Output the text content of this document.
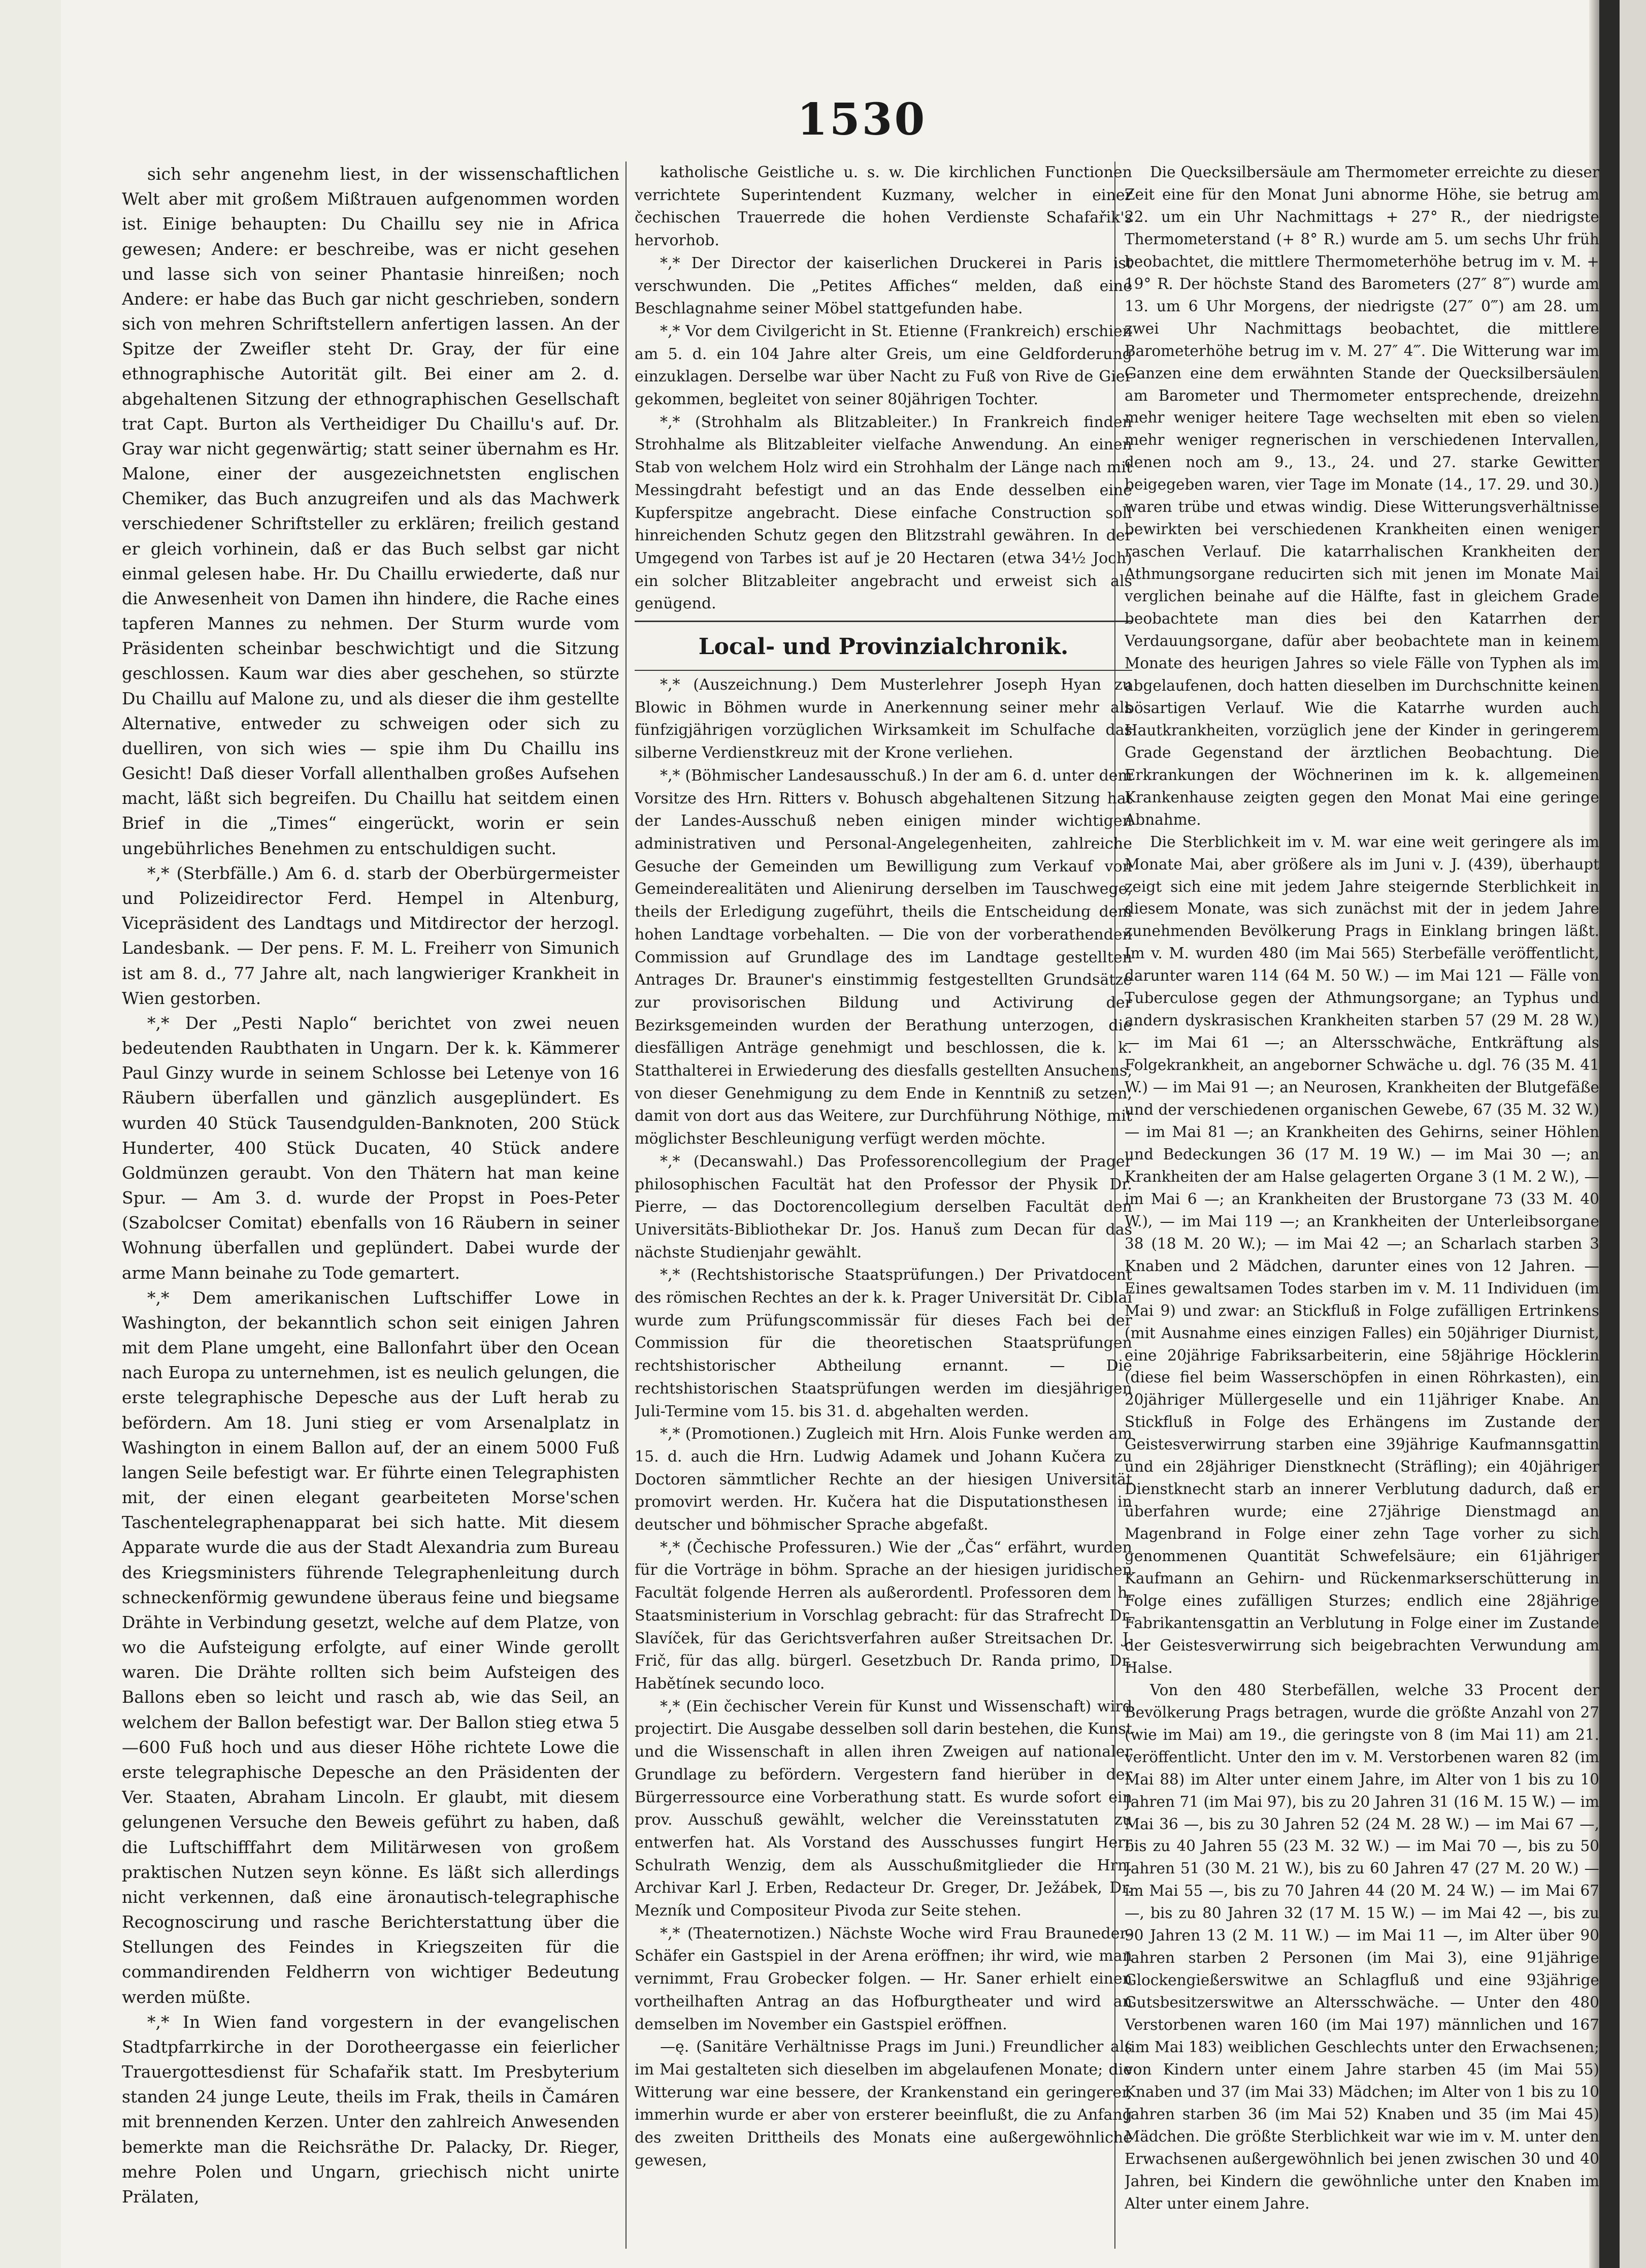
1530

sich sehr angenehm liest, in der wissenschaftlichen Welt aber mit großem Mißtrauen aufgenommen worden ist. Einige behaupten: Du Chaillu sey nie in Africa gewesen; Andere: er beschreibe, was er nicht gesehen und lasse sich von seiner Phantasie hinreißen; noch Andere: er habe das Buch gar nicht geschrieben, sondern sich von mehren Schriftstellern anfertigen lassen. An der Spitze der Zweifler steht Dr. Gray, der für eine ethnographische Autorität gilt. Bei einer am 2. d. abgehaltenen Sitzung der ethnographischen Gesellschaft trat Capt. Burton als Vertheidiger Du Chaillu's auf. Dr. Gray war nicht gegenwärtig; statt seiner übernahm es Hr. Malone, einer der ausgezeichnetsten englischen Chemiker, das Buch anzugreifen und als das Machwerk verschiedener Schriftsteller zu erklären; freilich gestand er gleich vorhinein, daß er das Buch selbst gar nicht einmal gelesen habe. Hr. Du Chaillu erwiederte, daß nur die Anwesenheit von Damen ihn hindere, die Rache eines tapferen Mannes zu nehmen. Der Sturm wurde vom Präsidenten scheinbar beschwichtigt und die Sitzung geschlossen. Kaum war dies aber geschehen, so stürzte Du Chaillu auf Malone zu, und als dieser die ihm gestellte Alternative, entweder zu schweigen oder sich zu duelliren, von sich wies — spie ihm Du Chaillu ins Gesicht! Daß dieser Vorfall allenthalben großes Aufsehen macht, läßt sich begreifen. Du Chaillu hat seitdem einen Brief in die „Times“ eingerückt, worin er sein ungebührliches Benehmen zu entschuldigen sucht.

*,* (Sterbfälle.) Am 6. d. starb der Oberbürgermeister und Polizeidirector Ferd. Hempel in Altenburg, Vicepräsident des Landtags und Mitdirector der herzogl. Landesbank. — Der pens. F. M. L. Freiherr von Simunich ist am 8. d., 77 Jahre alt, nach langwieriger Krankheit in Wien gestorben.

*,* Der „Pesti Naplo“ berichtet von zwei neuen bedeutenden Raubthaten in Ungarn. Der k. k. Kämmerer Paul Ginzy wurde in seinem Schlosse bei Letenye von 16 Räubern überfallen und gänzlich ausgeplündert. Es wurden 40 Stück Tausendgulden-Banknoten, 200 Stück Hunderter, 400 Stück Ducaten, 40 Stück andere Goldmünzen geraubt. Von den Thätern hat man keine Spur. — Am 3. d. wurde der Propst in Poes-Peter (Szabolcser Comitat) ebenfalls von 16 Räubern in seiner Wohnung überfallen und geplündert. Dabei wurde der arme Mann beinahe zu Tode gemartert.

*,* Dem amerikanischen Luftschiffer Lowe in Washington, der bekanntlich schon seit einigen Jahren mit dem Plane umgeht, eine Ballonfahrt über den Ocean nach Europa zu unternehmen, ist es neulich gelungen, die erste telegraphische Depesche aus der Luft herab zu befördern. Am 18. Juni stieg er vom Arsenalplatz in Washington in einem Ballon auf, der an einem 5000 Fuß langen Seile befestigt war. Er führte einen Telegraphisten mit, der einen elegant gearbeiteten Morse'schen Taschentelegraphenapparat bei sich hatte. Mit diesem Apparate wurde die aus der Stadt Alexandria zum Bureau des Kriegsministers führende Telegraphenleitung durch schneckenförmig gewundene überaus feine und biegsame Drähte in Verbindung gesetzt, welche auf dem Platze, von wo die Aufsteigung erfolgte, auf einer Winde gerollt waren. Die Drähte rollten sich beim Aufsteigen des Ballons eben so leicht und rasch ab, wie das Seil, an welchem der Ballon befestigt war. Der Ballon stieg etwa 5—600 Fuß hoch und aus dieser Höhe richtete Lowe die erste telegraphische Depesche an den Präsidenten der Ver. Staaten, Abraham Lincoln. Er glaubt, mit diesem gelungenen Versuche den Beweis geführt zu haben, daß die Luftschifffahrt dem Militärwesen von großem praktischen Nutzen seyn könne. Es läßt sich allerdings nicht verkennen, daß eine äronautisch-telegraphische Recognoscirung und rasche Berichterstattung über die Stellungen des Feindes in Kriegszeiten für die commandirenden Feldherrn von wichtiger Bedeutung werden müßte.

*,* In Wien fand vorgestern in der evangelischen Stadtpfarrkirche in der Dorotheergasse ein feierlicher Trauergottesdienst für Schafařik statt. Im Presbyterium standen 24 junge Leute, theils im Frak, theils in Čamáren mit brennenden Kerzen. Unter den zahlreich Anwesenden bemerkte man die Reichsräthe Dr. Palacky, Dr. Rieger, mehre Polen und Ungarn, griechisch nicht unirte Prälaten,

katholische Geistliche u. s. w. Die kirchlichen Functionen verrichtete Superintendent Kuzmany, welcher in einer čechischen Trauerrede die hohen Verdienste Schafařik's hervorhob.

*,* Der Director der kaiserlichen Druckerei in Paris ist verschwunden. Die „Petites Affiches“ melden, daß eine Beschlagnahme seiner Möbel stattgefunden habe.

*,* Vor dem Civilgericht in St. Etienne (Frankreich) erschien am 5. d. ein 104 Jahre alter Greis, um eine Geldforderung einzuklagen. Derselbe war über Nacht zu Fuß von Rive de Gier gekommen, begleitet von seiner 80jährigen Tochter.

*,* (Strohhalm als Blitzableiter.) In Frankreich finden Strohhalme als Blitzableiter vielfache Anwendung. An einen Stab von welchem Holz wird ein Strohhalm der Länge nach mit Messingdraht befestigt und an das Ende desselben eine Kupferspitze angebracht. Diese einfache Construction soll hinreichenden Schutz gegen den Blitzstrahl gewähren. In der Umgegend von Tarbes ist auf je 20 Hectaren (etwa 34½ Joch) ein solcher Blitzableiter angebracht und erweist sich als genügend.

Local- und Provinzialchronik.

*,* (Auszeichnung.) Dem Musterlehrer Joseph Hyan zu Blowic in Böhmen wurde in Anerkennung seiner mehr als fünfzigjährigen vorzüglichen Wirksamkeit im Schulfache das silberne Verdienstkreuz mit der Krone verliehen.

*,* (Böhmischer Landesausschuß.) In der am 6. d. unter dem Vorsitze des Hrn. Ritters v. Bohusch abgehaltenen Sitzung hat der Landes-Ausschuß neben einigen minder wichtigen administrativen und Personal-Angelegenheiten, zahlreiche Gesuche der Gemeinden um Bewilligung zum Verkauf von Gemeinderealitäten und Alienirung derselben im Tauschwege, theils der Erledigung zugeführt, theils die Entscheidung dem hohen Landtage vorbehalten. — Die von der vorberathenden Commission auf Grundlage des im Landtage gestellten Antrages Dr. Brauner's einstimmig festgestellten Grundsätze zur provisorischen Bildung und Activirung der Bezirksgemeinden wurden der Berathung unterzogen, die diesfälligen Anträge genehmigt und beschlossen, die k. k. Statthalterei in Erwiederung des diesfalls gestellten Ansuchens, von dieser Genehmigung zu dem Ende in Kenntniß zu setzen, damit von dort aus das Weitere, zur Durchführung Nöthige, mit möglichster Beschleunigung verfügt werden möchte.

*,* (Decanswahl.) Das Professorencollegium der Prager philosophischen Facultät hat den Professor der Physik Dr. Pierre, — das Doctorencollegium derselben Facultät den Universitäts-Bibliothekar Dr. Jos. Hanuš zum Decan für das nächste Studienjahr gewählt.

*,* (Rechtshistorische Staatsprüfungen.) Der Privatdocent des römischen Rechtes an der k. k. Prager Universität Dr. Ciblaí wurde zum Prüfungscommissär für dieses Fach bei der Commission für die theoretischen Staatsprüfungen rechtshistorischer Abtheilung ernannt. — Die rechtshistorischen Staatsprüfungen werden im diesjährigen Juli-Termine vom 15. bis 31. d. abgehalten werden.

*,* (Promotionen.) Zugleich mit Hrn. Alois Funke werden am 15. d. auch die Hrn. Ludwig Adamek und Johann Kučera zu Doctoren sämmtlicher Rechte an der hiesigen Universität promovirt werden. Hr. Kučera hat die Disputationsthesen in deutscher und böhmischer Sprache abgefaßt.

*,* (Čechische Professuren.) Wie der „Čas“ erfährt, wurden für die Vorträge in böhm. Sprache an der hiesigen juridischen Facultät folgende Herren als außerordentl. Professoren dem h. Staatsministerium in Vorschlag gebracht: für das Strafrecht Dr. Slavíček, für das Gerichtsverfahren außer Streitsachen Dr. J. Frič, für das allg. bürgerl. Gesetzbuch Dr. Randa primo, Dr. Habětínek secundo loco.

*,* (Ein čechischer Verein für Kunst und Wissenschaft) wird projectirt. Die Ausgabe desselben soll darin bestehen, die Kunst und die Wissenschaft in allen ihren Zweigen auf nationaler Grundlage zu befördern. Vergestern fand hierüber in der Bürgerressource eine Vorberathung statt. Es wurde sofort ein prov. Ausschuß gewählt, welcher die Vereinsstatuten zu entwerfen hat. Als Vorstand des Ausschusses fungirt Herr Schulrath Wenzig, dem als Ausschußmitglieder die Hrn. Archivar Karl J. Erben, Redacteur Dr. Greger, Dr. Ježábek, Dr. Mezník und Compositeur Pivoda zur Seite stehen.

*,* (Theaternotizen.) Nächste Woche wird Frau Brauneder-Schäfer ein Gastspiel in der Arena eröffnen; ihr wird, wie man vernimmt, Frau Grobecker folgen. — Hr. Saner erhielt einen vortheilhaften Antrag an das Hofburgtheater und wird an demselben im November ein Gastspiel eröffnen.

—ę. (Sanitäre Verhältnisse Prags im Juni.) Freundlicher als im Mai gestalteten sich dieselben im abgelaufenen Monate; die Witterung war eine bessere, der Krankenstand ein geringerer, immerhin wurde er aber von ersterer beeinflußt, die zu Anfang des zweiten Drittheils des Monats eine außergewöhnliche gewesen,

Die Quecksilbersäule am Thermometer erreichte zu dieser Zeit eine für den Monat Juni abnorme Höhe, sie betrug am 22. um ein Uhr Nachmittags + 27° R., der niedrigste Thermometerstand (+ 8° R.) wurde am 5. um sechs Uhr früh beobachtet, die mittlere Thermometerhöhe betrug im v. M. + 19° R. Der höchste Stand des Barometers (27″ 8‴) wurde am 13. um 6 Uhr Morgens, der niedrigste (27″ 0‴) am 28. um zwei Uhr Nachmittags beobachtet, die mittlere Barometerhöhe betrug im v. M. 27″ 4‴. Die Witterung war im Ganzen eine dem erwähnten Stande der Quecksilbersäulen am Barometer und Thermometer entsprechende, dreizehn mehr weniger heitere Tage wechselten mit eben so vielen mehr weniger regnerischen in verschiedenen Intervallen, denen noch am 9., 13., 24. und 27. starke Gewitter beigegeben waren, vier Tage im Monate (14., 17. 29. und 30.) waren trübe und etwas windig. Diese Witterungsverhältnisse bewirkten bei verschiedenen Krankheiten einen weniger raschen Verlauf. Die katarrhalischen Krankheiten der Athmungsorgane reducirten sich mit jenen im Monate Mai verglichen beinahe auf die Hälfte, fast in gleichem Grade beobachtete man dies bei den Katarrhen der Verdauungsorgane, dafür aber beobachtete man in keinem Monate des heurigen Jahres so viele Fälle von Typhen als im abgelaufenen, doch hatten dieselben im Durchschnitte keinen bösartigen Verlauf. Wie die Katarrhe wurden auch Hautkrankheiten, vorzüglich jene der Kinder in geringerem Grade Gegenstand der ärztlichen Beobachtung. Die Erkrankungen der Wöchnerinen im k. k. allgemeinen Krankenhause zeigten gegen den Monat Mai eine geringe Abnahme.

Die Sterblichkeit im v. M. war eine weit geringere als im Monate Mai, aber größere als im Juni v. J. (439), überhaupt zeigt sich eine mit jedem Jahre steigernde Sterblichkeit in diesem Monate, was sich zunächst mit der in jedem Jahre zunehmenden Bevölkerung Prags in Einklang bringen läßt. Im v. M. wurden 480 (im Mai 565) Sterbefälle veröffentlicht, darunter waren 114 (64 M. 50 W.) — im Mai 121 — Fälle von Tuberculose gegen der Athmungsorgane; an Typhus und andern dyskrasischen Krankheiten starben 57 (29 M. 28 W.) — im Mai 61 —; an Altersschwäche, Entkräftung als Folgekrankheit, an angeborner Schwäche u. dgl. 76 (35 M. 41 W.) — im Mai 91 —; an Neurosen, Krankheiten der Blutgefäße und der verschiedenen organischen Gewebe, 67 (35 M. 32 W.) — im Mai 81 —; an Krankheiten des Gehirns, seiner Höhlen und Bedeckungen 36 (17 M. 19 W.) — im Mai 30 —; an Krankheiten der am Halse gelagerten Organe 3 (1 M. 2 W.), — im Mai 6 —; an Krankheiten der Brustorgane 73 (33 M. 40 W.), — im Mai 119 —; an Krankheiten der Unterleibsorgane 38 (18 M. 20 W.); — im Mai 42 —; an Scharlach starben 3 Knaben und 2 Mädchen, darunter eines von 12 Jahren. — Eines gewaltsamen Todes starben im v. M. 11 Individuen (im Mai 9) und zwar: an Stickfluß in Folge zufälligen Ertrinkens (mit Ausnahme eines einzigen Falles) ein 50jähriger Diurnist, eine 20jährige Fabriksarbeiterin, eine 58jährige Höcklerin (diese fiel beim Wasserschöpfen in einen Röhrkasten), ein 20jähriger Müllergeselle und ein 11jähriger Knabe. An Stickfluß in Folge des Erhängens im Zustande der Geistesverwirrung starben eine 39jährige Kaufmannsgattin und ein 28jähriger Dienstknecht (Sträfling); ein 40jähriger Dienstknecht starb an innerer Verblutung dadurch, daß er überfahren wurde; eine 27jährige Dienstmagd an Magenbrand in Folge einer zehn Tage vorher zu sich genommenen Quantität Schwefelsäure; ein 61jähriger Kaufmann an Gehirn- und Rückenmarkserschütterung in Folge eines zufälligen Sturzes; endlich eine 28jährige Fabrikantensgattin an Verblutung in Folge einer im Zustande der Geistesverwirrung sich beigebrachten Verwundung am Halse.

Von den 480 Sterbefällen, welche 33 Procent der Bevölkerung Prags betragen, wurde die größte Anzahl von 27 (wie im Mai) am 19., die geringste von 8 (im Mai 11) am 21. veröffentlicht. Unter den im v. M. Verstorbenen waren 82 (im Mai 88) im Alter unter einem Jahre, im Alter von 1 bis zu 10 Jahren 71 (im Mai 97), bis zu 20 Jahren 31 (16 M. 15 W.) — im Mai 36 —, bis zu 30 Jahren 52 (24 M. 28 W.) — im Mai 67 —, bis zu 40 Jahren 55 (23 M. 32 W.) — im Mai 70 —, bis zu 50 Jahren 51 (30 M. 21 W.), bis zu 60 Jahren 47 (27 M. 20 W.) — im Mai 55 —, bis zu 70 Jahren 44 (20 M. 24 W.) — im Mai 67 —, bis zu 80 Jahren 32 (17 M. 15 W.) — im Mai 42 —, bis zu 90 Jahren 13 (2 M. 11 W.) — im Mai 11 —, im Alter über 90 Jahren starben 2 Personen (im Mai 3), eine 91jährige Glockengießerswitwe an Schlagfluß und eine 93jährige Gutsbesitzerswitwe an Altersschwäche. — Unter den 480 Verstorbenen waren 160 (im Mai 197) männlichen und 167 (im Mai 183) weiblichen Geschlechts unter den Erwachsenen; von Kindern unter einem Jahre starben 45 (im Mai 55) Knaben und 37 (im Mai 33) Mädchen; im Alter von 1 bis zu 10 Jahren starben 36 (im Mai 52) Knaben und 35 (im Mai 45) Mädchen. Die größte Sterblichkeit war wie im v. M. unter den Erwachsenen außergewöhnlich bei jenen zwischen 30 und 40 Jahren, bei Kindern die gewöhnliche unter den Knaben im Alter unter einem Jahre.
